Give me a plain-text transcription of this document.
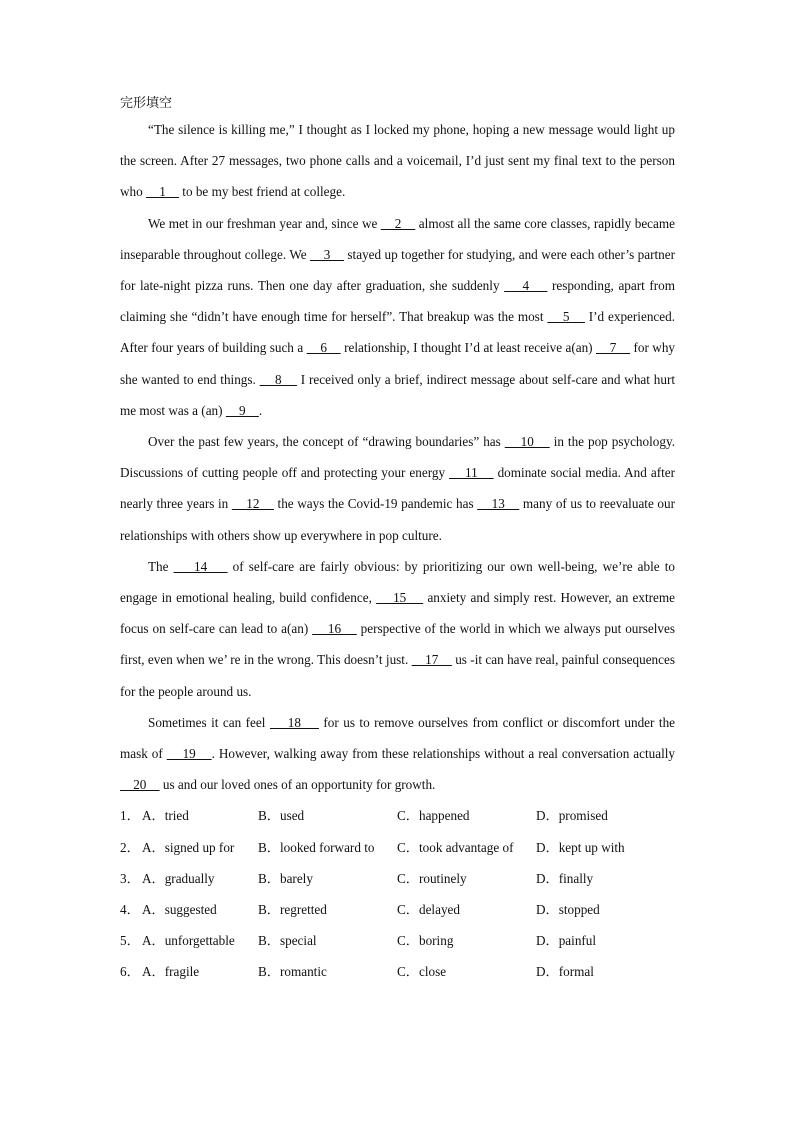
完形填空

“The silence is killing me,” I thought as I locked my phone, hoping a new message would light up the screen. After 27 messages, two phone calls and a voicemail, I’d just sent my final text to the person who     1     to be my best friend at college.

We met in our freshman year and, since we     2     almost all the same core classes, rapidly became inseparable throughout college. We     3     stayed up together for studying, and were each other’s partner for late-night pizza runs. Then one day after graduation, she suddenly     4     responding, apart from claiming she “didn’t have enough time for herself”. That breakup was the most     5     I’d experienced. After four years of building such a     6     relationship, I thought I’d at least receive a(an)     7     for why she wanted to end things.     8     I received only a brief, indirect message about self-care and what hurt me most was a (an)     9    .

Over the past few years, the concept of “drawing boundaries” has     10     in the pop psychology. Discussions of cutting people off and protecting your energy     11     dominate social media. And after nearly three years in     12     the ways the Covid-19 pandemic has     13     many of us to reevaluate our relationships with others show up everywhere in pop culture.

The     14     of self-care are fairly obvious: by prioritizing our own well-being, we’re able to engage in emotional healing, build confidence,     15     anxiety and simply rest. However, an extreme focus on self-care can lead to a(an)     16     perspective of the world in which we always put ourselves first, even when we’ re in the wrong. This doesn’t just.     17     us -it can have real, painful consequences for the people around us.

Sometimes it can feel     18     for us to remove ourselves from conflict or discomfort under the mask of     19    . However, walking away from these relationships without a real conversation actually     20     us and our loved ones of an opportunity for growth.

1． A．tried	B．used	C．happened	D．promised
2． A．signed up for	B．looked forward to	C．took advantage of	D．kept up with
3． A．gradually	B．barely	C．routinely	D．finally
4． A．suggested	B．regretted	C．delayed	D．stopped
5． A．unforgettable	B．special	C．boring	D．painful
6． A．fragile	B．romantic	C．close	D．formal
